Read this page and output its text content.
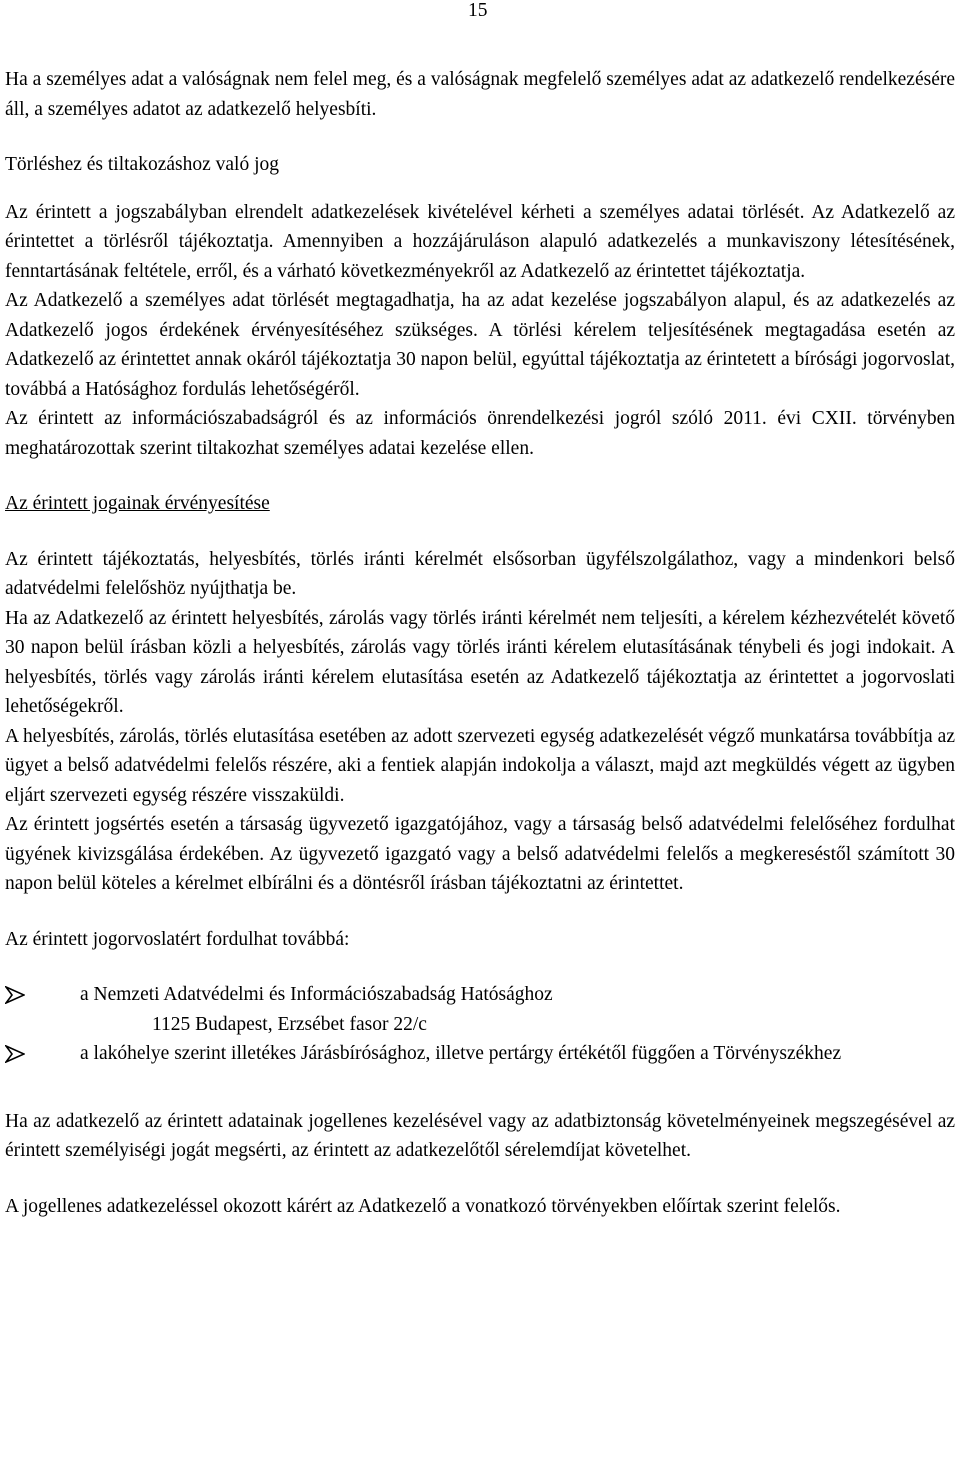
15

Ha a személyes adat a valóságnak nem felel meg, és a valóságnak megfelelő személyes adat az adatkezelő rendelkezésére áll, a személyes adatot az adatkezelő helyesbíti.

Törléshez és tiltakozáshoz való jog

Az érintett a jogszabályban elrendelt adatkezelések kivételével kérheti a személyes adatai törlését. Az Adatkezelő az érintettet a törlésről tájékoztatja. Amennyiben a hozzájáruláson alapuló adatkezelés a munkaviszony létesítésének, fenntartásának feltétele, erről, és a várható következményekről az Adatkezelő az érintettet tájékoztatja.

Az Adatkezelő a személyes adat törlését megtagadhatja, ha az adat kezelése jogszabályon alapul, és az adatkezelés az Adatkezelő jogos érdekének érvényesítéséhez szükséges. A törlési kérelem teljesítésének megtagadása esetén az Adatkezelő az érintettet annak okáról tájékoztatja 30 napon belül, egyúttal tájékoztatja az érintetett a bírósági jogorvoslat, továbbá a Hatósághoz fordulás lehetőségéről.

Az érintett az információszabadságról és az információs önrendelkezési jogról szóló 2011. évi CXII. törvényben meghatározottak szerint tiltakozhat személyes adatai kezelése ellen.

Az érintett jogainak érvényesítése

Az érintett tájékoztatás, helyesbítés, törlés iránti kérelmét elsősorban ügyfélszolgálathoz, vagy a mindenkori belső adatvédelmi felelőshöz nyújthatja be.

Ha az Adatkezelő az érintett helyesbítés, zárolás vagy törlés iránti kérelmét nem teljesíti, a kérelem kézhezvételét követő 30 napon belül írásban közli a helyesbítés, zárolás vagy törlés iránti kérelem elutasításának ténybeli és jogi indokait. A helyesbítés, törlés vagy zárolás iránti kérelem elutasítása esetén az Adatkezelő tájékoztatja az érintettet a jogorvoslati lehetőségekről.

A helyesbítés, zárolás, törlés elutasítása esetében az adott szervezeti egység adatkezelését végző munkatársa továbbítja az ügyet a belső adatvédelmi felelős részére, aki a fentiek alapján indokolja a választ, majd azt megküldés végett az ügyben eljárt szervezeti egység részére visszaküldi.

Az érintett jogsértés esetén a társaság ügyvezető igazgatójához, vagy a társaság belső adatvédelmi felelőséhez fordulhat ügyének kivizsgálása érdekében. Az ügyvezető igazgató vagy a belső adatvédelmi felelős a megkereséstől számított 30 napon belül köteles a kérelmet elbírálni és a döntésről írásban tájékoztatni az érintettet.

Az érintett jogorvoslatért fordulhat továbbá:

a Nemzeti Adatvédelmi és Információszabadság Hatósághoz
1125 Budapest, Erzsébet fasor 22/c
a lakóhelye szerint illetékes Járásbírósághoz, illetve pertárgy értékétől függően a Törvényszékhez

Ha az adatkezelő az érintett adatainak jogellenes kezelésével vagy az adatbiztonság követelményeinek megszegésével az érintett személyiségi jogát megsérti, az érintett az adatkezelőtől sérelemdíjat követelhet.

A jogellenes adatkezeléssel okozott kárért az Adatkezelő a vonatkozó törvényekben előírtak szerint felelős.
